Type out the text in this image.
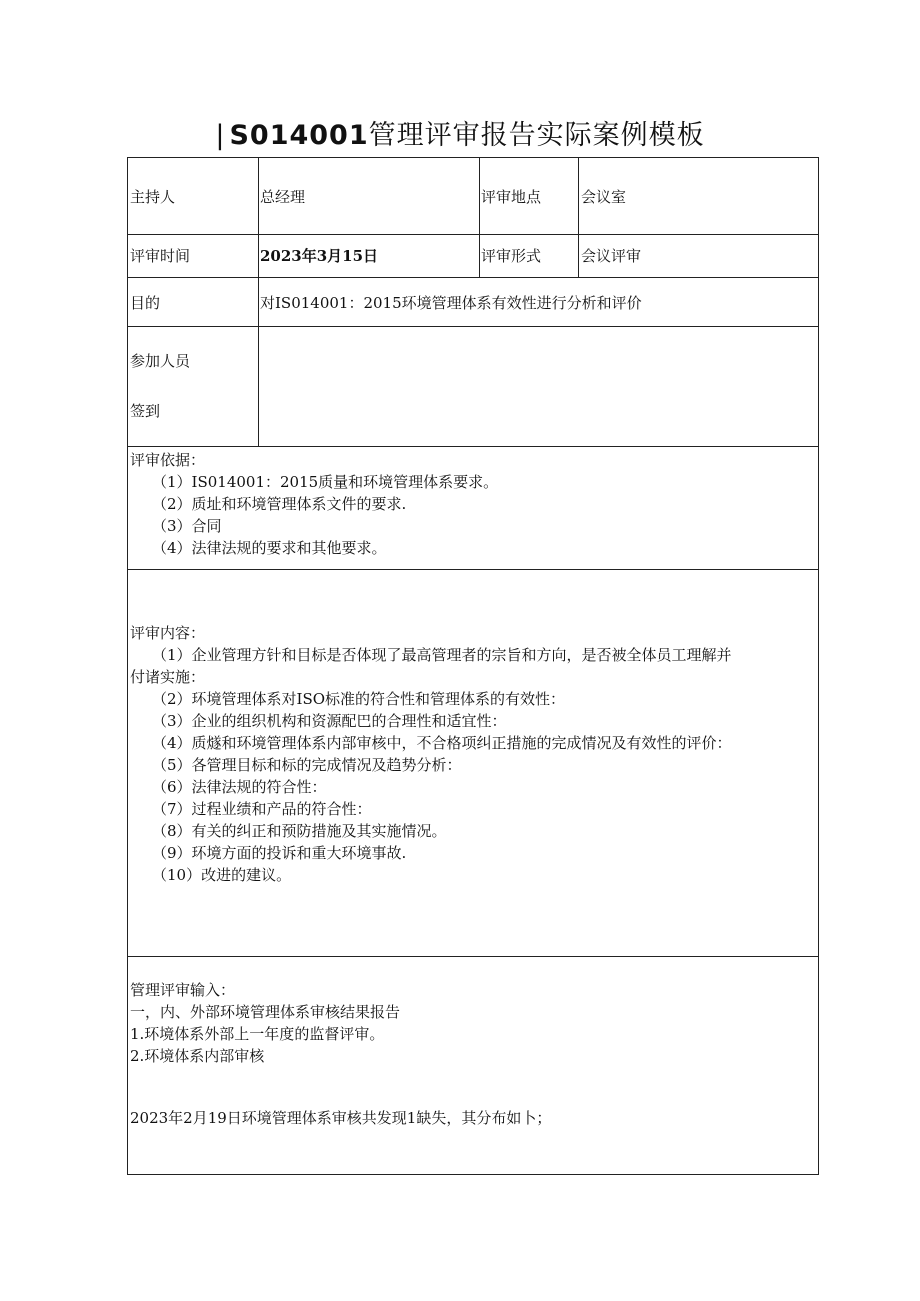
| S014001管理评审报告实际案例模板
主持人	总经理	评审地点	会议室
评审时间	2023年3月15日	评审形式	会议评审
目的	对IS014001：2015环境管理体系有效性进行分析和评价
参加人员
签到
评审依据：
（1）IS014001：2015质量和环境管理体系要求。
（2）质址和环境管理体系文件的要求.
（3）合同
（4）法律法规的要求和其他要求。
评审内容：
（1）企业管理方针和目标是否体现了最高管理者的宗旨和方向，是否被全体员工理解并
付诸实施：
（2）环境管理体系对ISO标准的符合性和管理体系的有效性：
（3）企业的组织机构和资源配巴的合理性和适宜性：
（4）质燧和环境管理体系内部审核中，不合格项纠正措施的完成情况及有效性的评价：
（5）各管理目标和标的完成情况及趋势分析：
（6）法律法规的符合性：
（7）过程业绩和产品的符合性：
（8）有关的纠正和预防措施及其实施情况。
（9）环境方面的投诉和重大环境事故.
（10）改进的建议。
管理评审输入：
一，内、外部环境管理体系审核结果报告
1.环境体系外部上一年度的监督评审。
2.环境体系内部审核
2023年2月19日环境管理体系审核共发现1缺失，其分布如卜；
